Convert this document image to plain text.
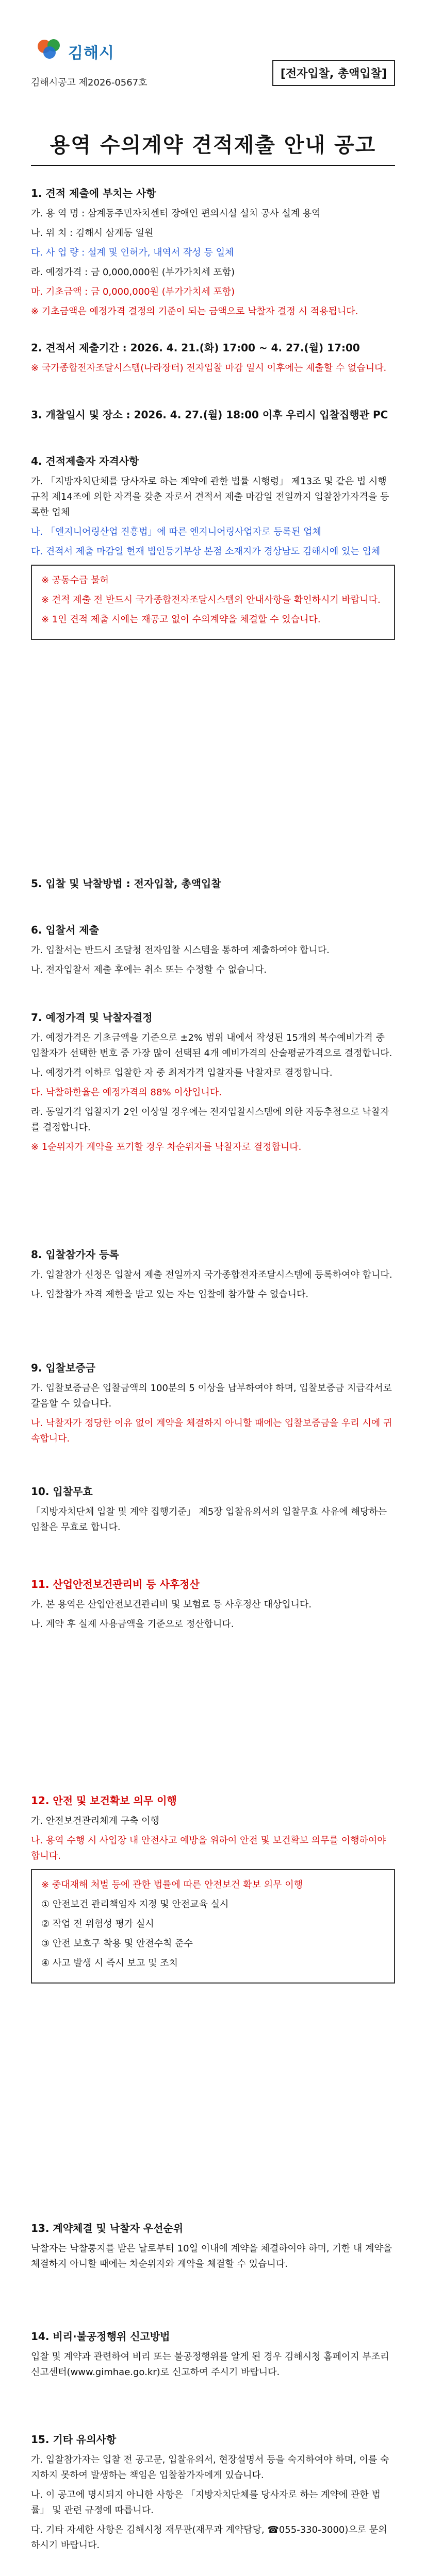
김해시
김해시공고 제2026-0567호
[전자입찰, 총액입찰]
용역 수의계약 견적제출 안내 공고
1. 견적 제출에 부치는 사항

가. 용 역 명 : 삼계동주민자치센터 장애인 편의시설 설치 공사 설계 용역

나. 위 치 : 김해시 삼계동 일원

다. 사 업 량 : 설계 및 인허가, 내역서 작성 등 일체

라. 예정가격 : 금 0,000,000원 (부가가치세 포함)

마. 기초금액 : 금 0,000,000원 (부가가치세 포함)

※ 기초금액은 예정가격 결정의 기준이 되는 금액으로 낙찰자 결정 시 적용됩니다.

2. 견적서 제출기간 : 2026. 4. 21.(화) 17:00 ~ 4. 27.(월) 17:00

※ 국가종합전자조달시스템(나라장터) 전자입찰 마감 일시 이후에는 제출할 수 없습니다.

3. 개찰일시 및 장소 : 2026. 4. 27.(월) 18:00 이후 우리시 입찰집행관 PC
4. 견적제출자 자격사항

가. 「지방자치단체를 당사자로 하는 계약에 관한 법률 시행령」 제13조 및 같은 법 시행규칙 제14조에 의한 자격을 갖춘 자로서 견적서 제출 마감일 전일까지 입찰참가자격을 등록한 업체

나. 「엔지니어링산업 진흥법」에 따른 엔지니어링사업자로 등록된 업체

다. 견적서 제출 마감일 현재 법인등기부상 본점 소재지가 경상남도 김해시에 있는 업체

※ 공동수급 불허

※ 견적 제출 전 반드시 국가종합전자조달시스템의 안내사항을 확인하시기 바랍니다.

※ 1인 견적 제출 시에는 재공고 없이 수의계약을 체결할 수 있습니다.

5. 입찰 및 낙찰방법 : 전자입찰, 총액입찰
6. 입찰서 제출

가. 입찰서는 반드시 조달청 전자입찰 시스템을 통하여 제출하여야 합니다.

나. 전자입찰서 제출 후에는 취소 또는 수정할 수 없습니다.

7. 예정가격 및 낙찰자결정

가. 예정가격은 기초금액을 기준으로 ±2% 범위 내에서 작성된 15개의 복수예비가격 중 입찰자가 선택한 번호 중 가장 많이 선택된 4개 예비가격의 산술평균가격으로 결정합니다.

나. 예정가격 이하로 입찰한 자 중 최저가격 입찰자를 낙찰자로 결정합니다.

다. 낙찰하한율은 예정가격의 88% 이상입니다.

라. 동일가격 입찰자가 2인 이상일 경우에는 전자입찰시스템에 의한 자동추첨으로 낙찰자를 결정합니다.

※ 1순위자가 계약을 포기할 경우 차순위자를 낙찰자로 결정합니다.

8. 입찰참가자 등록

가. 입찰참가 신청은 입찰서 제출 전일까지 국가종합전자조달시스템에 등록하여야 합니다.

나. 입찰참가 자격 제한을 받고 있는 자는 입찰에 참가할 수 없습니다.

9. 입찰보증금

가. 입찰보증금은 입찰금액의 100분의 5 이상을 납부하여야 하며, 입찰보증금 지급각서로 갈음할 수 있습니다.

나. 낙찰자가 정당한 이유 없이 계약을 체결하지 아니할 때에는 입찰보증금을 우리 시에 귀속합니다.

10. 입찰무효

「지방자치단체 입찰 및 계약 집행기준」 제5장 입찰유의서의 입찰무효 사유에 해당하는 입찰은 무효로 합니다.

11. 산업안전보건관리비 등 사후정산

가. 본 용역은 산업안전보건관리비 및 보험료 등 사후정산 대상입니다.

나. 계약 후 실제 사용금액을 기준으로 정산합니다.

12. 안전 및 보건확보 의무 이행

가. 안전보건관리체계 구축 이행

나. 용역 수행 시 사업장 내 안전사고 예방을 위하여 안전 및 보건확보 의무를 이행하여야 합니다.

※ 중대재해 처벌 등에 관한 법률에 따른 안전보건 확보 의무 이행

① 안전보건 관리책임자 지정 및 안전교육 실시

② 작업 전 위험성 평가 실시

③ 안전 보호구 착용 및 안전수칙 준수

④ 사고 발생 시 즉시 보고 및 조치

13. 계약체결 및 낙찰자 우선순위

낙찰자는 낙찰통지를 받은 날로부터 10일 이내에 계약을 체결하여야 하며, 기한 내 계약을 체결하지 아니할 때에는 차순위자와 계약을 체결할 수 있습니다.

14. 비리·불공정행위 신고방법

입찰 및 계약과 관련하여 비리 또는 불공정행위를 알게 된 경우 김해시청 홈페이지 부조리 신고센터(www.gimhae.go.kr)로 신고하여 주시기 바랍니다.

15. 기타 유의사항

가. 입찰참가자는 입찰 전 공고문, 입찰유의서, 현장설명서 등을 숙지하여야 하며, 이를 숙지하지 못하여 발생하는 책임은 입찰참가자에게 있습니다.

나. 이 공고에 명시되지 아니한 사항은 「지방자치단체를 당사자로 하는 계약에 관한 법률」 및 관련 규정에 따릅니다.

다. 기타 자세한 사항은 김해시청 재무관(재무과 계약담당, ☎055-330-3000)으로 문의하시기 바랍니다.
